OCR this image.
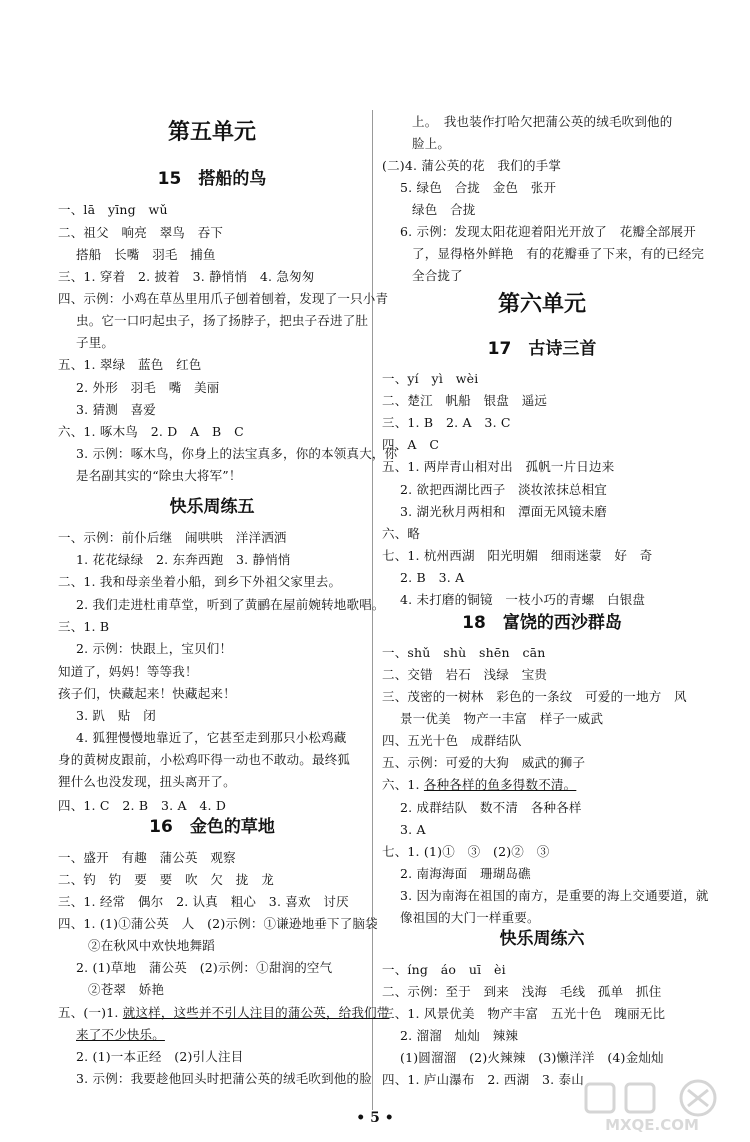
第五单元
15　搭船的鸟
一、lā　yīng　wǔ
二、祖父　响亮　翠鸟　吞下
搭船　长嘴　羽毛　捕鱼
三、1. 穿着　2. 披着　3. 静悄悄　4. 急匆匆
四、示例：小鸡在草丛里用爪子刨着刨着，发现了一只小青
虫。它一口叼起虫子，扬了扬脖子，把虫子吞进了肚
子里。
五、1. 翠绿　蓝色　红色
2. 外形　羽毛　嘴　美丽
3. 猜测　喜爱
六、1. 啄木鸟　2. D　A　B　C
3. 示例：啄木鸟，你身上的法宝真多，你的本领真大，你
是名副其实的“除虫大将军”！
快乐周练五
一、示例：前仆后继　闹哄哄　洋洋洒洒
1. 花花绿绿　2. 东奔西跑　3. 静悄悄
二、1. 我和母亲坐着小船，到乡下外祖父家里去。
2. 我们走进杜甫草堂，听到了黄鹂在屋前婉转地歌唱。
三、1. B
2. 示例：快跟上，宝贝们！
知道了，妈妈！等等我！
孩子们，快藏起来！快藏起来！
3. 趴　贴　闭
4. 狐狸慢慢地靠近了，它甚至走到那只小松鸡藏
身的黄树皮跟前，小松鸡吓得一动也不敢动。最终狐
狸什么也没发现，扭头离开了。
四、1. C　2. B　3. A　4. D
16　金色的草地
一、盛开　有趣　蒲公英　观察
二、钓　钓　要　要　吹　欠　拢　龙
三、1. 经常　偶尔　2. 认真　粗心　3. 喜欢　讨厌
四、1. (1)①蒲公英　人　(2)示例：①谦逊地垂下了脑袋
②在秋风中欢快地舞蹈
2. (1)草地　蒲公英　(2)示例：①甜润的空气
②苍翠　娇艳
五、(一)1. 就这样，这些并不引人注目的蒲公英，给我们带
来了不少快乐。
2. (1)一本正经　(2)引人注目
3. 示例：我要趁他回头时把蒲公英的绒毛吹到他的脸
上。　我也装作打哈欠把蒲公英的绒毛吹到他的
脸上。
(二)4. 蒲公英的花　我们的手掌
5. 绿色　合拢　金色　张开
绿色　合拢
6. 示例：发现太阳花迎着阳光开放了　花瓣全部展开
了，显得格外鲜艳　有的花瓣垂了下来，有的已经完
全合拢了
第六单元
17　古诗三首
一、yí　yì　wèi
二、楚江　帆船　银盘　遥远
三、1. B　2. A　3. C
四、A　C
五、1. 两岸青山相对出　孤帆一片日边来
2. 欲把西湖比西子　淡妆浓抹总相宜
3. 湖光秋月两相和　潭面无风镜未磨
六、略
七、1. 杭州西湖　阳光明媚　细雨迷蒙　好　奇
2. B　3. A
4. 未打磨的铜镜　一枝小巧的青螺　白银盘
18　富饶的西沙群岛
一、shǔ　shù　shēn　cān
二、交错　岩石　浅绿　宝贵
三、茂密的一树林　彩色的一条纹　可爱的一地方　风
景一优美　物产一丰富　样子一威武
四、五光十色　成群结队
五、示例：可爱的大狗　威武的狮子
六、1. 各种各样的鱼多得数不清。
2. 成群结队　数不清　各种各样
3. A
七、1. (1)①　③　(2)②　③
2. 南海海面　珊瑚岛礁
3. 因为南海在祖国的南方，是重要的海上交通要道，就
像祖国的大门一样重要。
快乐周练六
一、íng　áo　uī　èi
二、示例：至于　到来　浅海　毛线　孤单　抓住
三、1. 风景优美　物产丰富　五光十色　瑰丽无比
2. 溜溜　灿灿　辣辣
(1)圆溜溜　(2)火辣辣　(3)懒洋洋　(4)金灿灿
四、1. 庐山瀑布　2. 西湖　3. 泰山
• 5 •	MXQE.COM
